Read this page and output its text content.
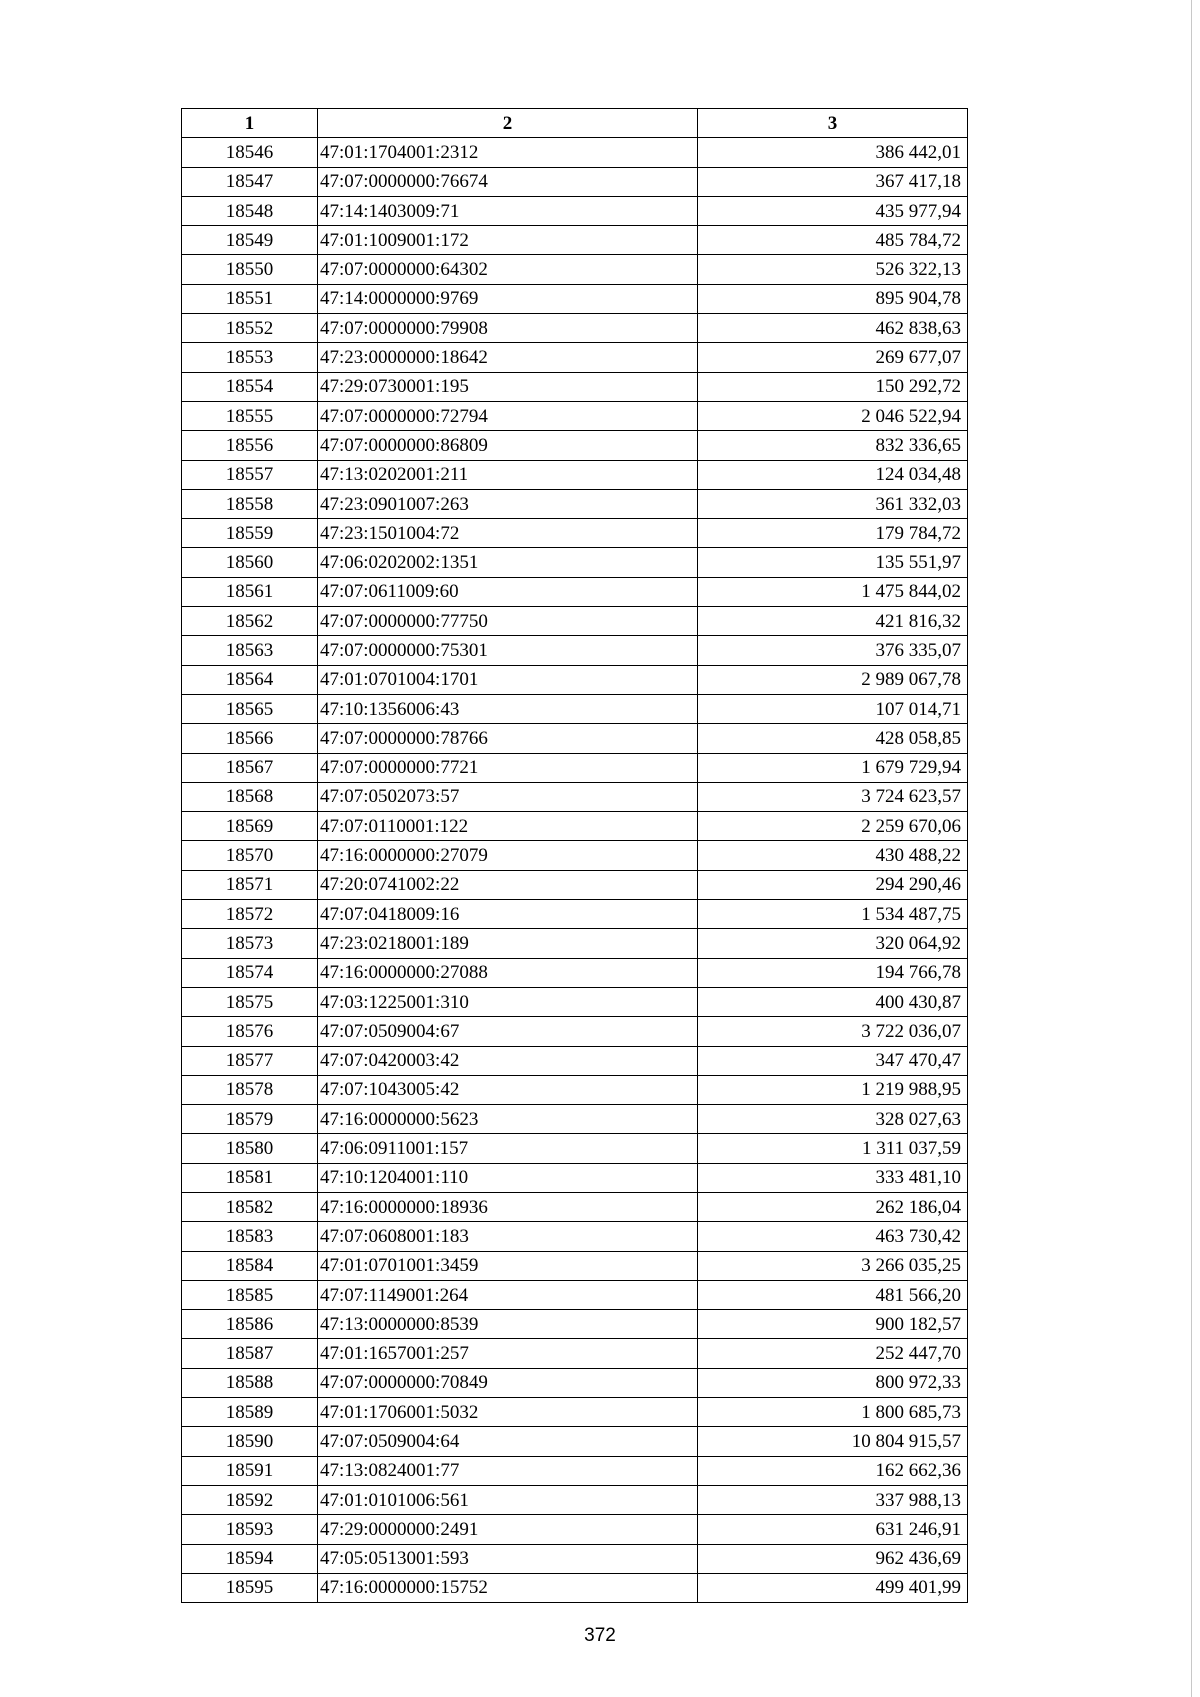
1	2	3
18546	47:01:1704001:2312	386 442,01
18547	47:07:0000000:76674	367 417,18
18548	47:14:1403009:71	435 977,94
18549	47:01:1009001:172	485 784,72
18550	47:07:0000000:64302	526 322,13
18551	47:14:0000000:9769	895 904,78
18552	47:07:0000000:79908	462 838,63
18553	47:23:0000000:18642	269 677,07
18554	47:29:0730001:195	150 292,72
18555	47:07:0000000:72794	2 046 522,94
18556	47:07:0000000:86809	832 336,65
18557	47:13:0202001:211	124 034,48
18558	47:23:0901007:263	361 332,03
18559	47:23:1501004:72	179 784,72
18560	47:06:0202002:1351	135 551,97
18561	47:07:0611009:60	1 475 844,02
18562	47:07:0000000:77750	421 816,32
18563	47:07:0000000:75301	376 335,07
18564	47:01:0701004:1701	2 989 067,78
18565	47:10:1356006:43	107 014,71
18566	47:07:0000000:78766	428 058,85
18567	47:07:0000000:7721	1 679 729,94
18568	47:07:0502073:57	3 724 623,57
18569	47:07:0110001:122	2 259 670,06
18570	47:16:0000000:27079	430 488,22
18571	47:20:0741002:22	294 290,46
18572	47:07:0418009:16	1 534 487,75
18573	47:23:0218001:189	320 064,92
18574	47:16:0000000:27088	194 766,78
18575	47:03:1225001:310	400 430,87
18576	47:07:0509004:67	3 722 036,07
18577	47:07:0420003:42	347 470,47
18578	47:07:1043005:42	1 219 988,95
18579	47:16:0000000:5623	328 027,63
18580	47:06:0911001:157	1 311 037,59
18581	47:10:1204001:110	333 481,10
18582	47:16:0000000:18936	262 186,04
18583	47:07:0608001:183	463 730,42
18584	47:01:0701001:3459	3 266 035,25
18585	47:07:1149001:264	481 566,20
18586	47:13:0000000:8539	900 182,57
18587	47:01:1657001:257	252 447,70
18588	47:07:0000000:70849	800 972,33
18589	47:01:1706001:5032	1 800 685,73
18590	47:07:0509004:64	10 804 915,57
18591	47:13:0824001:77	162 662,36
18592	47:01:0101006:561	337 988,13
18593	47:29:0000000:2491	631 246,91
18594	47:05:0513001:593	962 436,69
18595	47:16:0000000:15752	499 401,99
372
